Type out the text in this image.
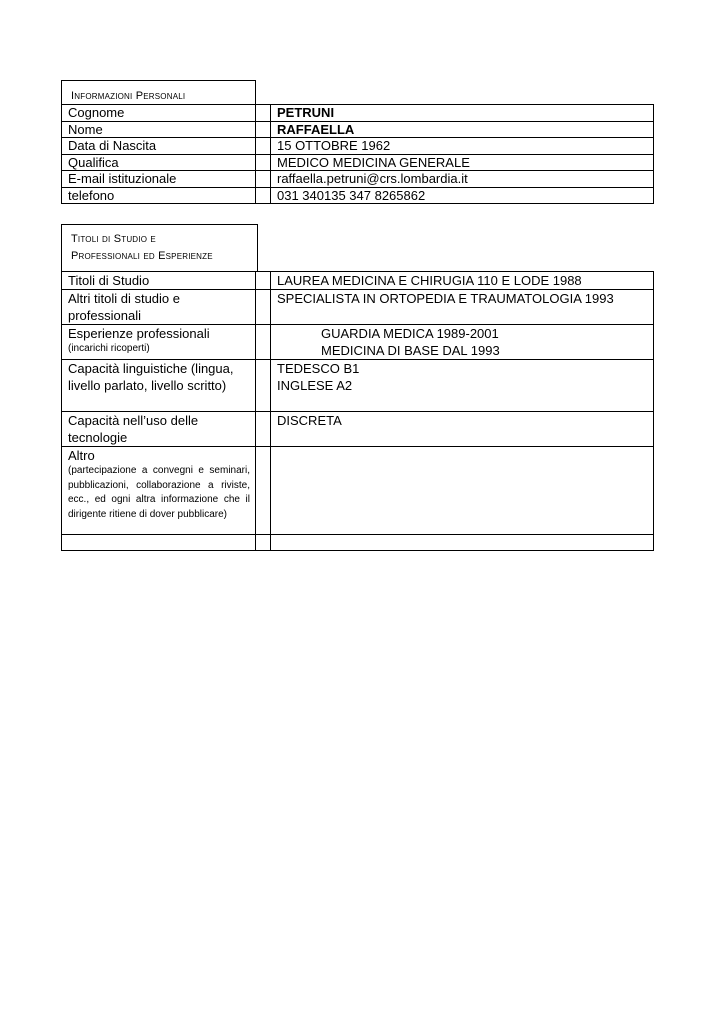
Informazioni Personali
Cognome		PETRUNI
Nome		RAFFAELLA
Data di Nascita		15 OTTOBRE 1962
Qualifica		MEDICO MEDICINA GENERALE
E-mail istituzionale		raffaella.petruni@crs.lombardia.it
telefono		031 340135 347 8265862
Titoli di Studio e
Professionali ed Esperienze
Titoli di Studio		LAUREA MEDICINA E CHIRUGIA 110 E LODE 1988
Altri titoli di studio e professionali		SPECIALISTA IN ORTOPEDIA E TRAUMATOLOGIA 1993

Esperienze professionali
(incarichi ricoperti)		GUARDIA MEDICA 1989-2001
MEDICINA DI BASE DAL 1993

Capacità linguistiche (lingua, livello parlato, livello scritto)		TEDESCO B1
INGLESE A2

Capacità nell’uso delle tecnologie		DISCRETA

Altro
(partecipazione a convegni e seminari, pubblicazioni, collaborazione a riviste, ecc., ed ogni altra informazione che il dirigente ritiene di dover pubblicare)		
